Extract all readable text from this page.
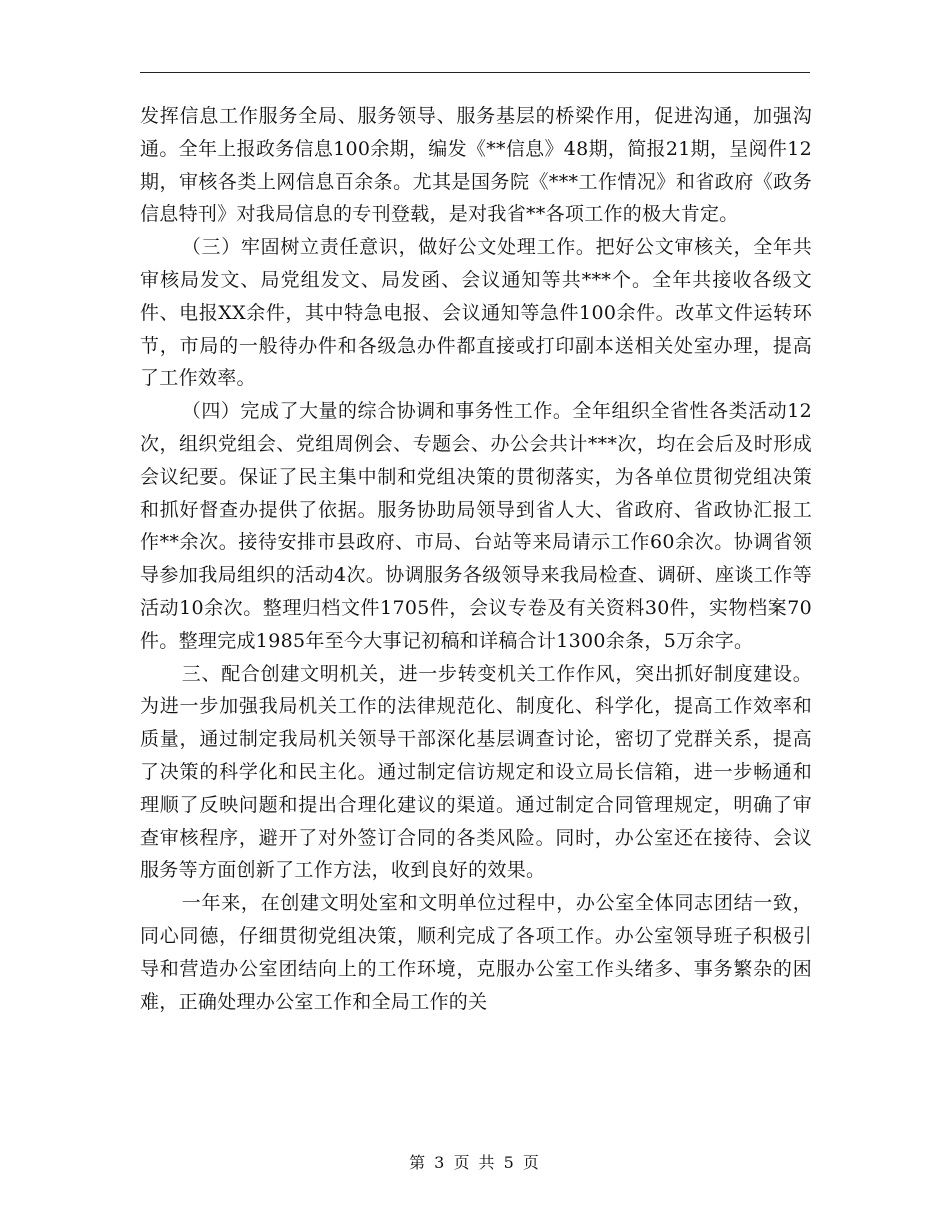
发挥信息工作服务全局、服务领导、服务基层的桥梁作用，促进沟通，加强沟通。全年上报政务信息100余期，编发《**信息》48期，简报21期，呈阅件12期，审核各类上网信息百余条。尤其是国务院《***工作情况》和省政府《政务信息特刊》对我局信息的专刊登载，是对我省**各项工作的极大肯定。

（三）牢固树立责任意识，做好公文处理工作。把好公文审核关，全年共审核局发文、局党组发文、局发函、会议通知等共***个。全年共接收各级文件、电报XX余件，其中特急电报、会议通知等急件100余件。改革文件运转环节，市局的一般待办件和各级急办件都直接或打印副本送相关处室办理，提高了工作效率。

（四）完成了大量的综合协调和事务性工作。全年组织全省性各类活动12次，组织党组会、党组周例会、专题会、办公会共计***次，均在会后及时形成会议纪要。保证了民主集中制和党组决策的贯彻落实，为各单位贯彻党组决策和抓好督查办提供了依据。服务协助局领导到省人大、省政府、省政协汇报工作**余次。接待安排市县政府、市局、台站等来局请示工作60余次。协调省领导参加我局组织的活动4次。协调服务各级领导来我局检查、调研、座谈工作等活动10余次。整理归档文件1705件，会议专卷及有关资料30件，实物档案70件。整理完成1985年至今大事记初稿和详稿合计1300余条，5万余字。

三、配合创建文明机关，进一步转变机关工作作风，突出抓好制度建设。为进一步加强我局机关工作的法律规范化、制度化、科学化，提高工作效率和质量，通过制定我局机关领导干部深化基层调查讨论，密切了党群关系，提高了决策的科学化和民主化。通过制定信访规定和设立局长信箱，进一步畅通和理顺了反映问题和提出合理化建议的渠道。通过制定合同管理规定，明确了审查审核程序，避开了对外签订合同的各类风险。同时，办公室还在接待、会议服务等方面创新了工作方法，收到良好的效果。

一年来，在创建文明处室和文明单位过程中，办公室全体同志团结一致，同心同德，仔细贯彻党组决策，顺利完成了各项工作。办公室领导班子积极引导和营造办公室团结向上的工作环境，克服办公室工作头绪多、事务繁杂的困难，正确处理办公室工作和全局工作的关

第 3 页 共 5 页
